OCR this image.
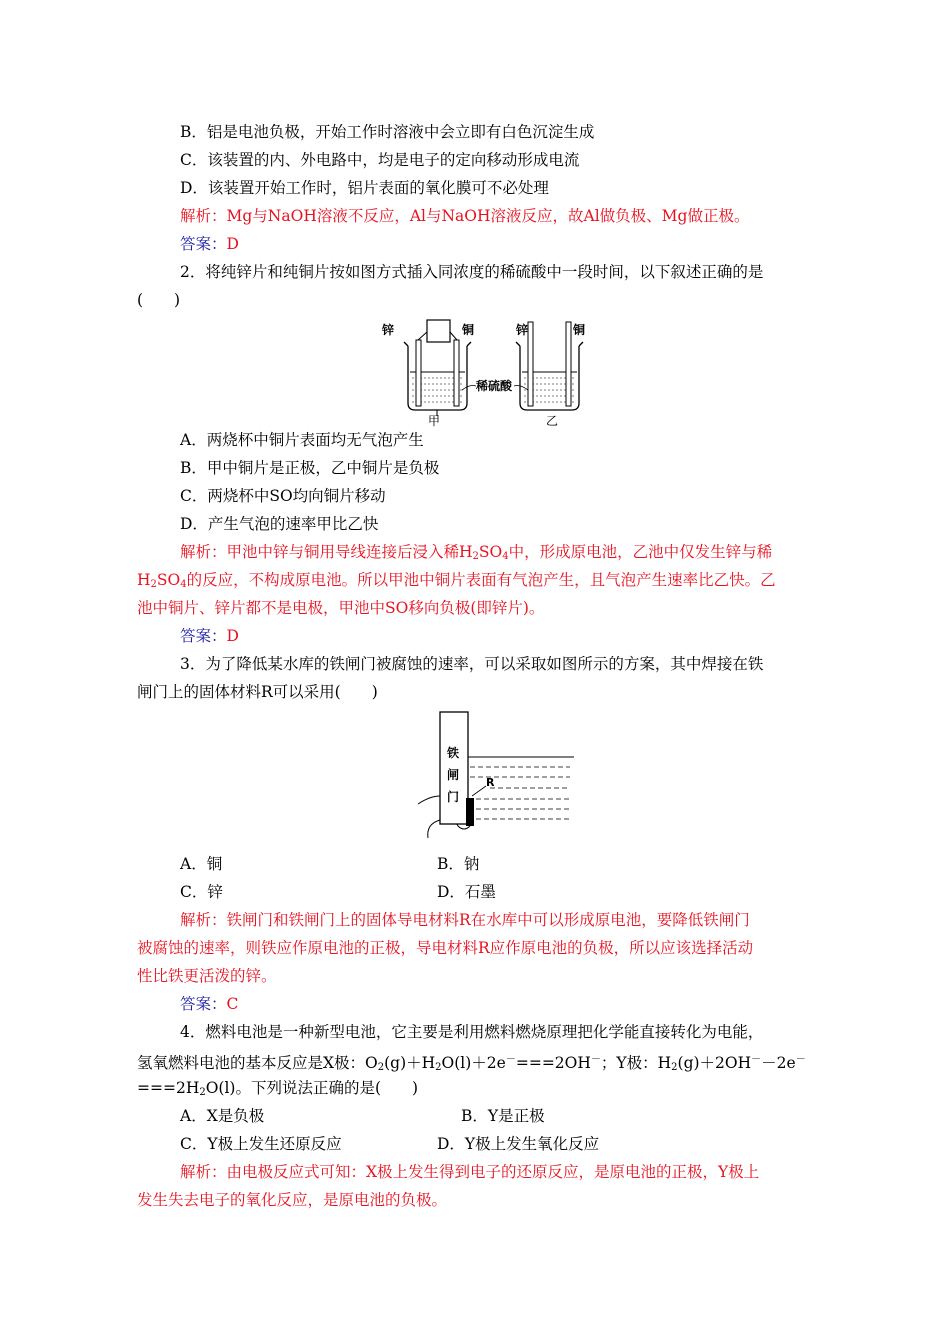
B．铝是电池负极，开始工作时溶液中会立即有白色沉淀生成
C．该装置的内、外电路中，均是电子的定向移动形成电流
D．该装置开始工作时，铝片表面的氧化膜可不必处理
解析：Mg与NaOH溶液不反应，Al与NaOH溶液反应，故Al做负极、Mg做正极。
答案：D
2．将纯锌片和纯铜片按如图方式插入同浓度的稀硫酸中一段时间，以下叙述正确的是
(　　)
锌	铜
甲
锌	铜
乙
稀硫酸
A．两烧杯中铜片表面均无气泡产生
B．甲中铜片是正极，乙中铜片是负极
C．两烧杯中SO均向铜片移动
D．产生气泡的速率甲比乙快
解析：甲池中锌与铜用导线连接后浸入稀$H_2SO_4$中，形成原电池，乙池中仅发生锌与稀
$H_2SO_4$的反应，不构成原电池。所以甲池中铜片表面有气泡产生，且气泡产生速率比乙快。乙
池中铜片、锌片都不是电极，甲池中SO移向负极(即锌片)。
答案：D
3．为了降低某水库的铁闸门被腐蚀的速率，可以采取如图所示的方案，其中焊接在铁
闸门上的固体材料R可以采用(　　)
铁
闸
门
R
A．铜	B．钠
C．锌	D．石墨
解析：铁闸门和铁闸门上的固体导电材料R在水库中可以形成原电池，要降低铁闸门
被腐蚀的速率，则铁应作原电池的正极，导电材料R应作原电池的负极，所以应该选择活动
性比铁更活泼的锌。
答案：C
4．燃料电池是一种新型电池，它主要是利用燃料燃烧原理把化学能直接转化为电能，
氢氧燃料电池的基本反应是X极：$O_2(g)+H_2O(l)+2e^-===2OH^-$；Y极：$H_2(g)+2OH^--2e^-$
$===2H_2O(l)$。下列说法正确的是(　　)
A．X是负极	B．Y是正极
C．Y极上发生还原反应	D．Y极上发生氧化反应
解析：由电极反应式可知：X极上发生得到电子的还原反应，是原电池的正极，Y极上
发生失去电子的氧化反应，是原电池的负极。
